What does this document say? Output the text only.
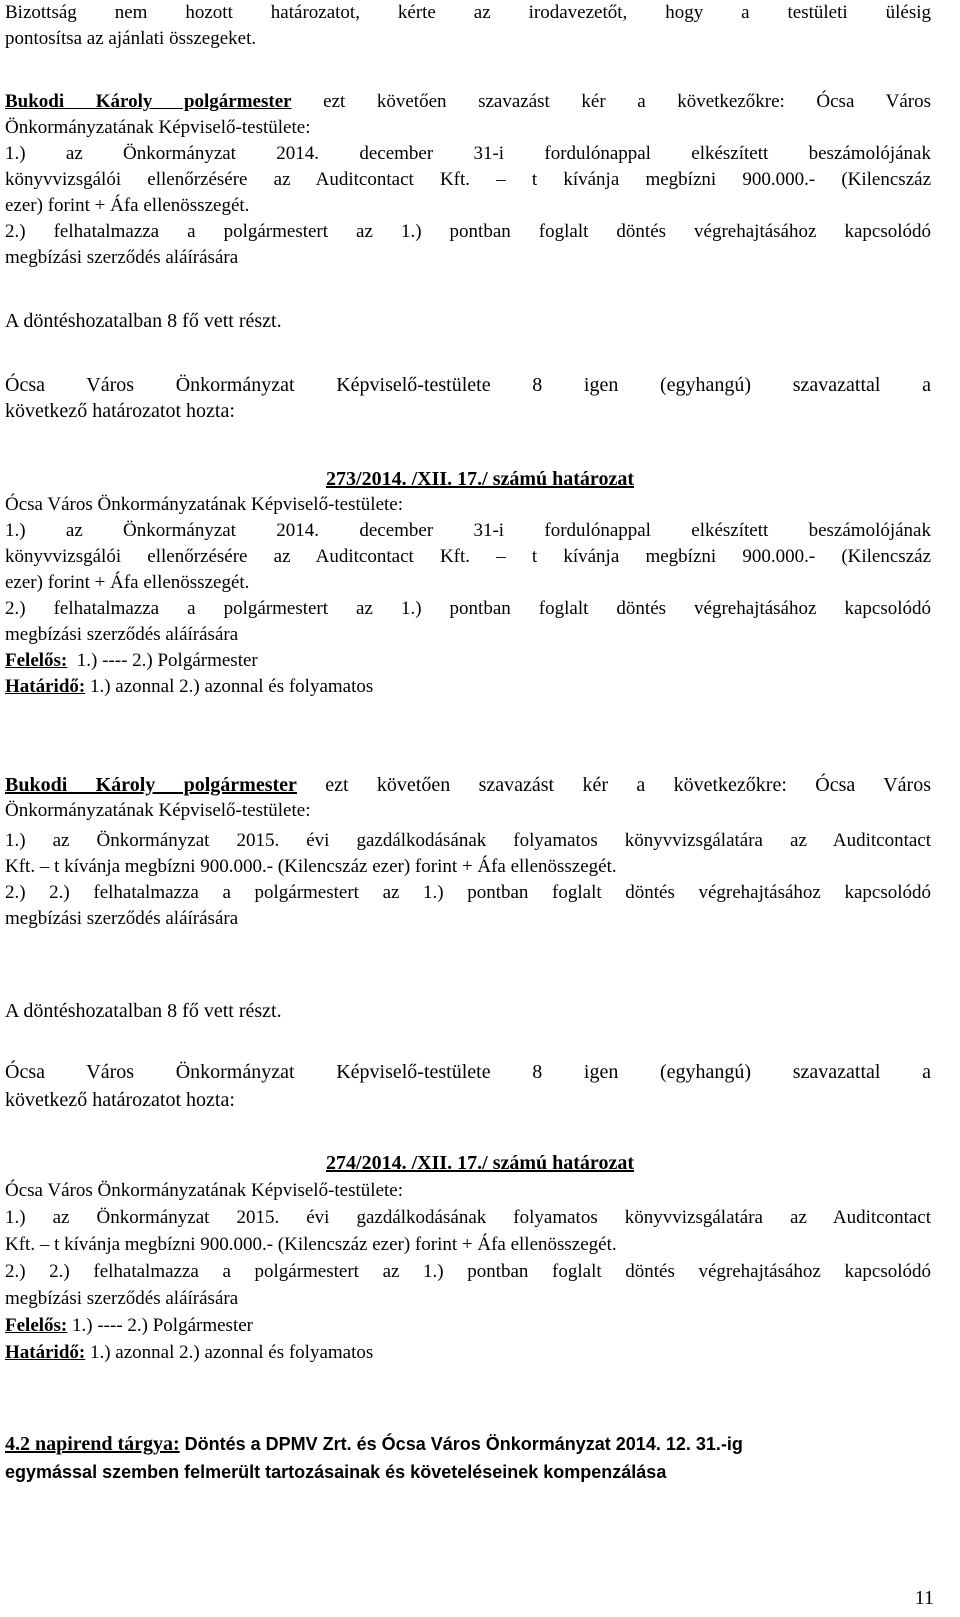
Bizottság nem hozott határozatot, kérte az irodavezetőt, hogy a testületi ülésig
pontosítsa az ajánlati összegeket.
Bukodi Károly polgármester ezt követően szavazást kér a következőkre: Ócsa Város
Önkormányzatának Képviselő-testülete:
1.) az Önkormányzat 2014. december 31-i fordulónappal elkészített beszámolójának
könyvvizsgálói ellenőrzésére az Auditcontact Kft. – t kívánja megbízni 900.000.- (Kilencszáz
ezer) forint + Áfa ellenösszegét.
2.) felhatalmazza a polgármestert az 1.) pontban foglalt döntés végrehajtásához kapcsolódó
megbízási szerződés aláírására
A döntéshozatalban 8 fő vett részt.
Ócsa Város Önkormányzat Képviselő-testülete 8 igen (egyhangú) szavazattal a
következő határozatot hozta:
273/2014. /XII. 17./ számú határozat
Ócsa Város Önkormányzatának Képviselő-testülete:
1.) az Önkormányzat 2014. december 31-i fordulónappal elkészített beszámolójának
könyvvizsgálói ellenőrzésére az Auditcontact Kft. – t kívánja megbízni 900.000.- (Kilencszáz
ezer) forint + Áfa ellenösszegét.
2.) felhatalmazza a polgármestert az 1.) pontban foglalt döntés végrehajtásához kapcsolódó
megbízási szerződés aláírására
Felelős:  1.) ---- 2.) Polgármester
Határidő: 1.) azonnal 2.) azonnal és folyamatos
Bukodi Károly polgármester ezt követően szavazást kér a következőkre: Ócsa Város
Önkormányzatának Képviselő-testülete:
1.) az Önkormányzat 2015. évi gazdálkodásának folyamatos könyvvizsgálatára az Auditcontact
Kft. – t kívánja megbízni 900.000.- (Kilencszáz ezer) forint + Áfa ellenösszegét.
2.) 2.) felhatalmazza a polgármestert az 1.) pontban foglalt döntés végrehajtásához kapcsolódó
megbízási szerződés aláírására
A döntéshozatalban 8 fő vett részt.
Ócsa Város Önkormányzat Képviselő-testülete 8 igen (egyhangú) szavazattal a
következő határozatot hozta:
274/2014. /XII. 17./ számú határozat
Ócsa Város Önkormányzatának Képviselő-testülete:
1.) az Önkormányzat 2015. évi gazdálkodásának folyamatos könyvvizsgálatára az Auditcontact
Kft. – t kívánja megbízni 900.000.- (Kilencszáz ezer) forint + Áfa ellenösszegét.
2.) 2.) felhatalmazza a polgármestert az 1.) pontban foglalt döntés végrehajtásához kapcsolódó
megbízási szerződés aláírására
Felelős: 1.) ---- 2.) Polgármester
Határidő: 1.) azonnal 2.) azonnal és folyamatos
4.2 napirend tárgya: Döntés a DPMV Zrt. és Ócsa Város Önkormányzat 2014. 12. 31.-ig
egymással szemben felmerült tartozásainak és követeléseinek kompenzálása
11
